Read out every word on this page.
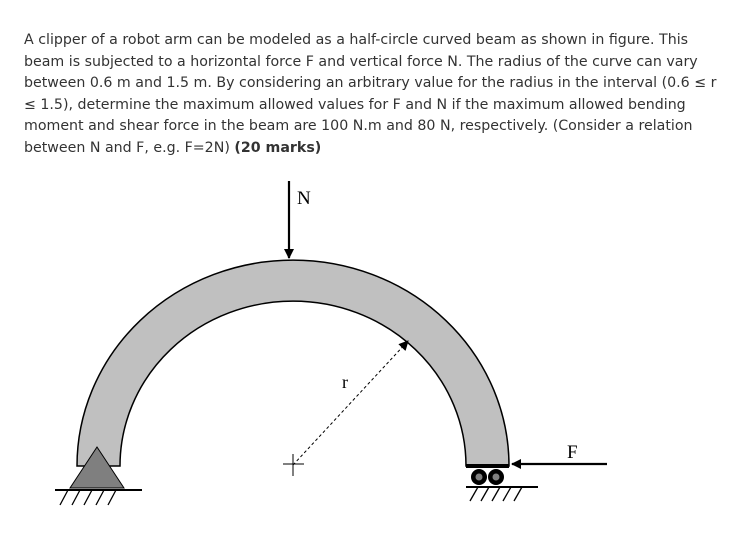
A clipper of a robot arm can be modeled as a half-circle curved beam as shown in figure. This beam is subjected to a horizontal force F and vertical force N. The radius of the curve can vary between 0.6 m and 1.5 m. By considering an arbitrary value for the radius in the interval (0.6 ≤ r ≤ 1.5), determine the maximum allowed values for F and N if the maximum allowed bending moment and shear force in the beam are 100 N.m and 80 N, respectively. (Consider a relation between N and F, e.g. F=2N) (20 marks)
N
r
F
